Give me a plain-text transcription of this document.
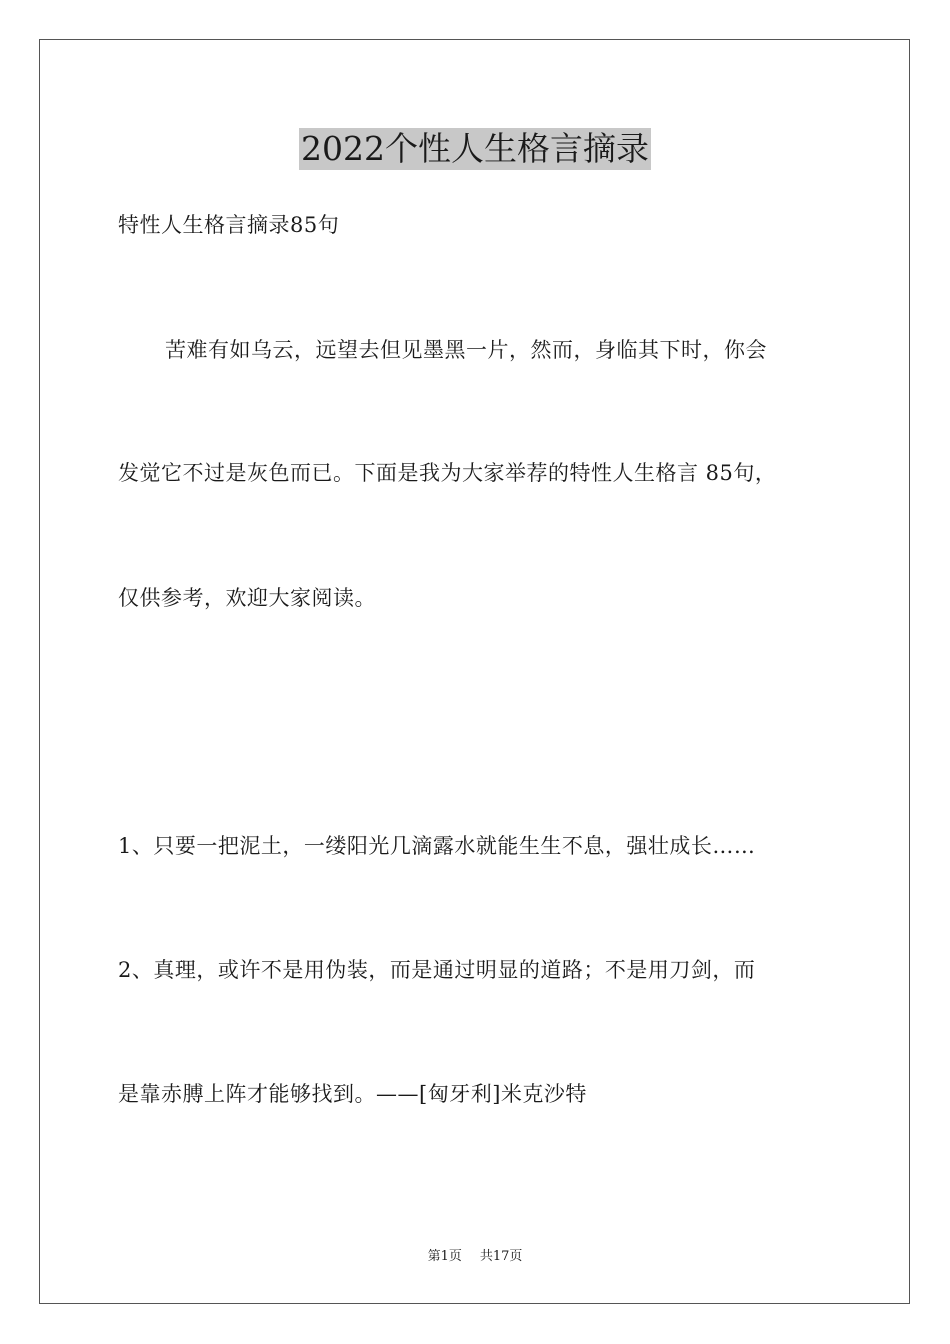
2022个性人生格言摘录
特性人生格言摘录85句
苦难有如乌云，远望去但见墨黑一片，然而，身临其下时，你会
发觉它不过是灰色而已。下面是我为大家举荐的特性人生格言 85句，
仅供参考，欢迎大家阅读。
1、只要一把泥土，一缕阳光几滴露水就能生生不息，强壮成长……
2、真理，或许不是用伪装，而是通过明显的道路；不是用刀剑，而
是靠赤膊上阵才能够找到。——[匈牙利]米克沙特
第1页 共17页
